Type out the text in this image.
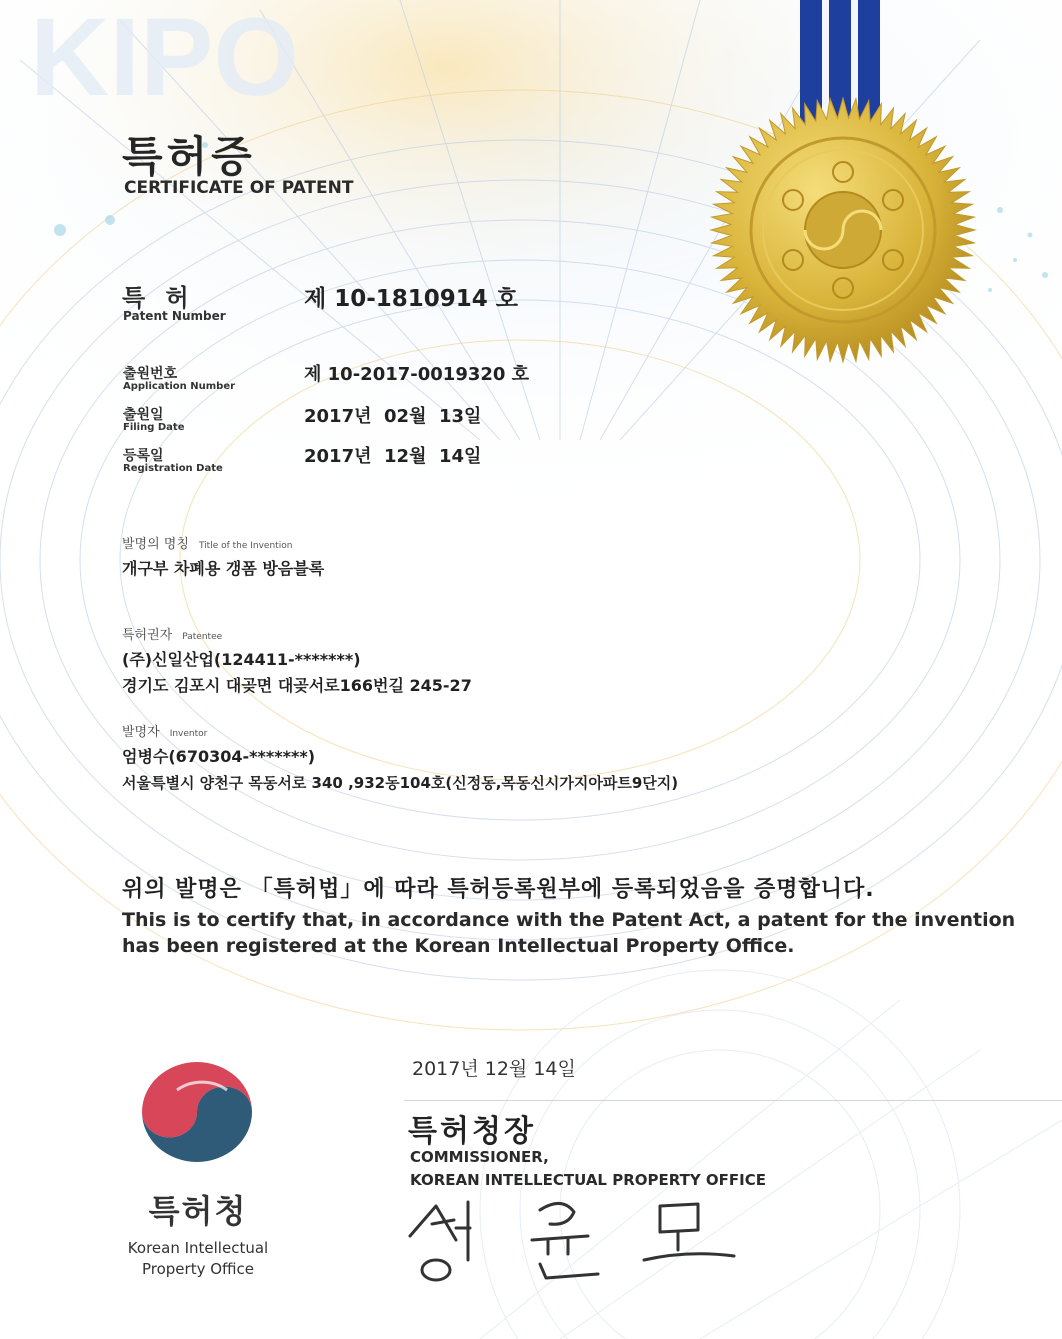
KIPO
특허증
CERTIFICATE OF PATENT
특 허
Patent Number
제 10-1810914 호
출원번호
Application Number
제 10-2017-0019320 호
출원일
Filing Date
2017년  02월  13일
등록일
Registration Date
2017년  12월  14일
발명의 명칭 Title of the Invention
개구부 차폐용 갱폼 방음블록
특허권자 Patentee
(주)신일산업(124411-*******)
경기도 김포시 대곶면 대곶서로166번길 245-27
발명자 Inventor
엄병수(670304-*******)
서울특별시 양천구 목동서로 340 ,932동104호(신정동,목동신시가지아파트9단지)
위의 발명은 「특허법」에 따라 특허등록원부에 등록되었음을 증명합니다.
This is to certify that, in accordance with the Patent Act, a patent for the invention has been registered at the Korean Intellectual Property Office.
2017년 12월 14일
특허청장
COMMISSIONER,
KOREAN INTELLECTUAL PROPERTY OFFICE
특허청
Korean Intellectual
Property Office
